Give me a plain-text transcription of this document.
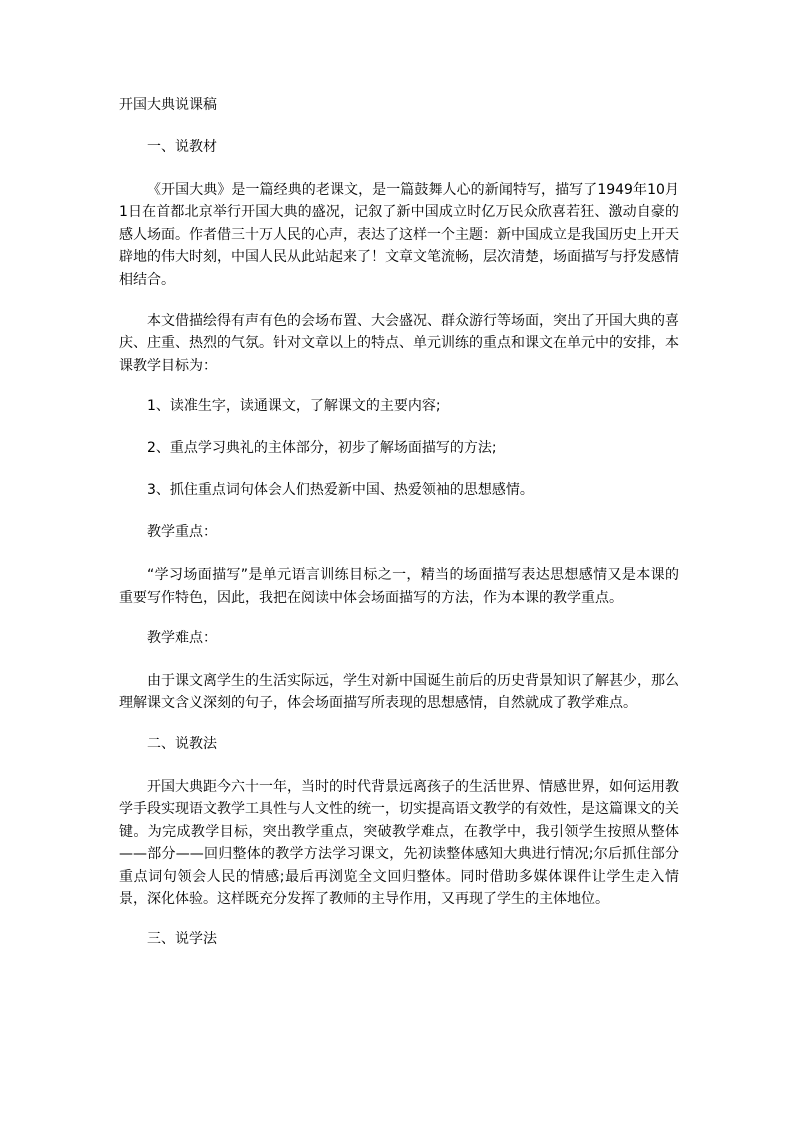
开国大典说课稿
一、说教材
《开国大典》是一篇经典的老课文，是一篇鼓舞人心的新闻特写，描写了1949年10月1日在首都北京举行开国大典的盛况，记叙了新中国成立时亿万民众欣喜若狂、激动自豪的感人场面。作者借三十万人民的心声，表达了这样一个主题：新中国成立是我国历史上开天辟地的伟大时刻，中国人民从此站起来了！文章文笔流畅，层次清楚，场面描写与抒发感情相结合。
本文借描绘得有声有色的会场布置、大会盛况、群众游行等场面，突出了开国大典的喜庆、庄重、热烈的气氛。针对文章以上的特点、单元训练的重点和课文在单元中的安排，本课教学目标为：
1、读准生字，读通课文，了解课文的主要内容;
2、重点学习典礼的主体部分，初步了解场面描写的方法;
3、抓住重点词句体会人们热爱新中国、热爱领袖的思想感情。
教学重点：
“学习场面描写”是单元语言训练目标之一，精当的场面描写表达思想感情又是本课的重要写作特色，因此，我把在阅读中体会场面描写的方法，作为本课的教学重点。
教学难点：
由于课文离学生的生活实际远，学生对新中国诞生前后的历史背景知识了解甚少，那么理解课文含义深刻的句子，体会场面描写所表现的思想感情，自然就成了教学难点。
二、说教法
开国大典距今六十一年，当时的时代背景远离孩子的生活世界、情感世界，如何运用教学手段实现语文教学工具性与人文性的统一，切实提高语文教学的有效性，是这篇课文的关键。为完成教学目标，突出教学重点，突破教学难点，在教学中，我引领学生按照从整体——部分——回归整体的教学方法学习课文，先初读整体感知大典进行情况;尔后抓住部分重点词句领会人民的情感;最后再浏览全文回归整体。同时借助多媒体课件让学生走入情景，深化体验。这样既充分发挥了教师的主导作用，又再现了学生的主体地位。
三、说学法
